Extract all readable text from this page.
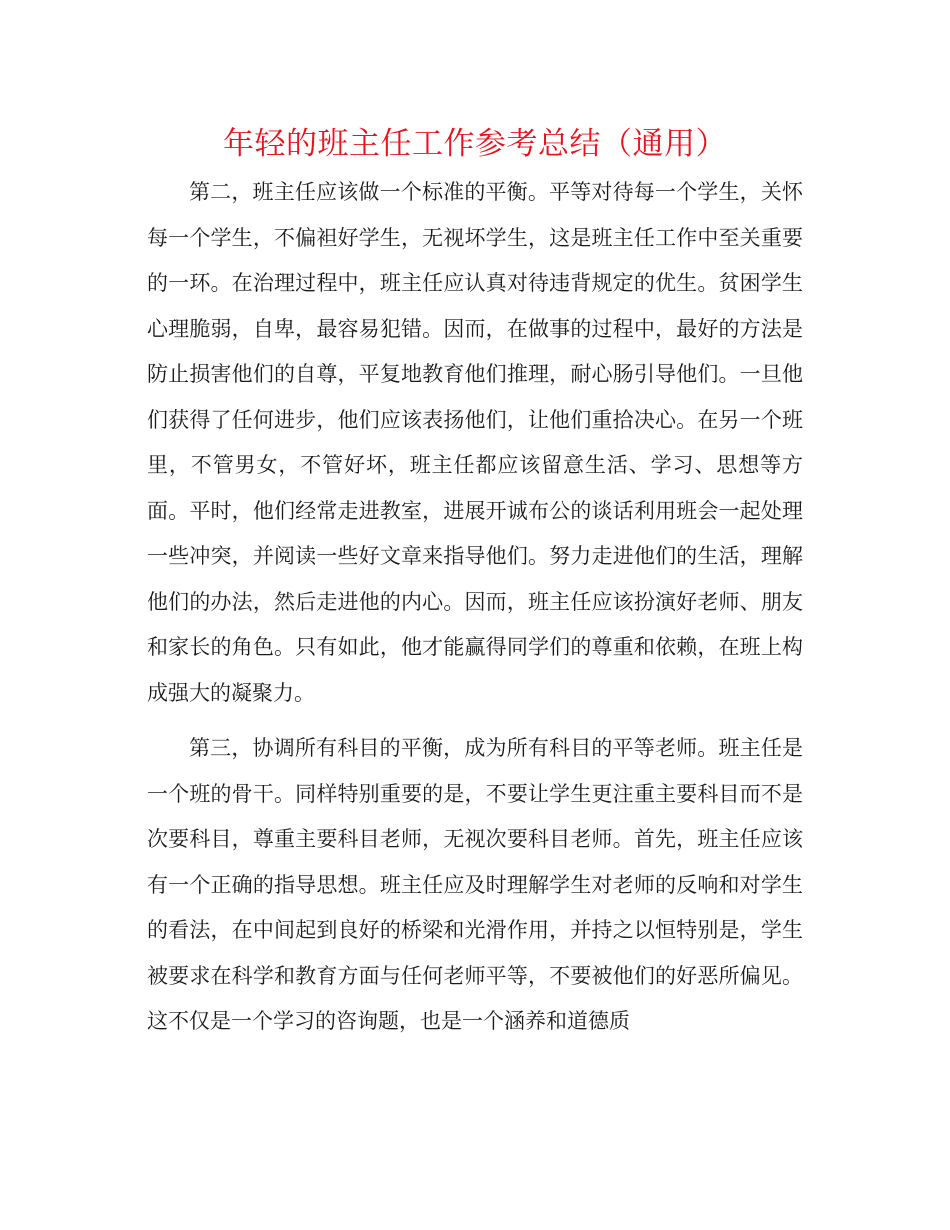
年轻的班主任工作参考总结（通用）

第二，班主任应该做一个标准的平衡。平等对待每一个学生，关怀每一个学生，不偏袒好学生，无视坏学生，这是班主任工作中至关重要的一环。在治理过程中，班主任应认真对待违背规定的优生。贫困学生心理脆弱，自卑，最容易犯错。因而，在做事的过程中，最好的方法是防止损害他们的自尊，平复地教育他们推理，耐心肠引导他们。一旦他们获得了任何进步，他们应该表扬他们，让他们重拾决心。在另一个班里，不管男女，不管好坏，班主任都应该留意生活、学习、思想等方面。平时，他们经常走进教室，进展开诚布公的谈话利用班会一起处理一些冲突，并阅读一些好文章来指导他们。努力走进他们的生活，理解他们的办法，然后走进他的内心。因而，班主任应该扮演好老师、朋友和家长的角色。只有如此，他才能赢得同学们的尊重和依赖，在班上构成强大的凝聚力。

第三，协调所有科目的平衡，成为所有科目的平等老师。班主任是一个班的骨干。同样特别重要的是，不要让学生更注重主要科目而不是次要科目，尊重主要科目老师，无视次要科目老师。首先，班主任应该有一个正确的指导思想。班主任应及时理解学生对老师的反响和对学生的看法，在中间起到良好的桥梁和光滑作用，并持之以恒特别是，学生被要求在科学和教育方面与任何老师平等，不要被他们的好恶所偏见。这不仅是一个学习的咨询题，也是一个涵养和道德质
